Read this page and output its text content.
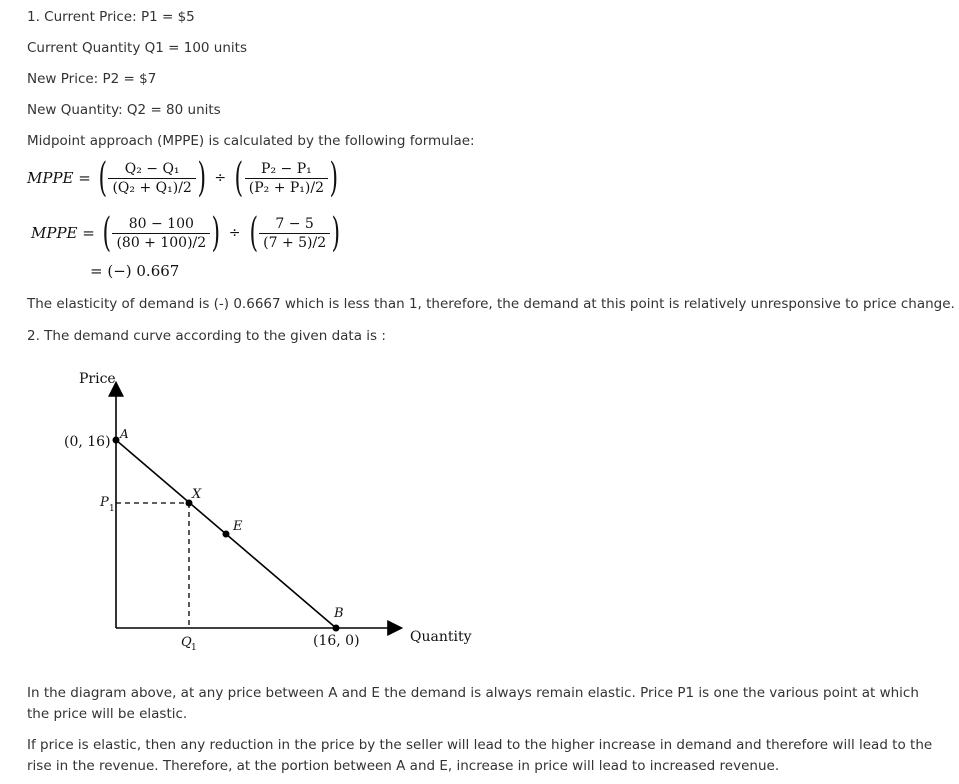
1. Current Price: P1 = $5
Current Quantity Q1 = 100 units
New Price: P2 = $7
New Quantity: Q2 = 80 units
Midpoint approach (MPPE) is calculated by the following formulae:
MPPE = ( $\frac{\text{Q₂ − Q₁}}{\text{(Q₂ + Q₁)/2}}$ ) ÷ ( $\frac{\text{P₂ − P₁}}{\text{(P₂ + P₁)/2}}$ )
MPPE = ( $\frac{80 - 100}{(80 + 100)/2}$ ) ÷ ( $\frac{7 - 5}{(7 + 5)/2}$ )
= (−) 0.667
The elasticity of demand is (-) 0.6667 which is less than 1, therefore, the demand at this point is relatively unresponsive to price change.
2. The demand curve according to the given data is :
Price
(0, 16) A
X
E
B
(16, 0)	Quantity
P 1
Q 1
In the diagram above, at any price between A and E the demand is always remain elastic. Price P1 is one the various point at which the price will be elastic.
If price is elastic, then any reduction in the price by the seller will lead to the higher increase in demand and therefore will lead to the rise in the revenue. Therefore, at the portion between A and E, increase in price will lead to increased revenue.
